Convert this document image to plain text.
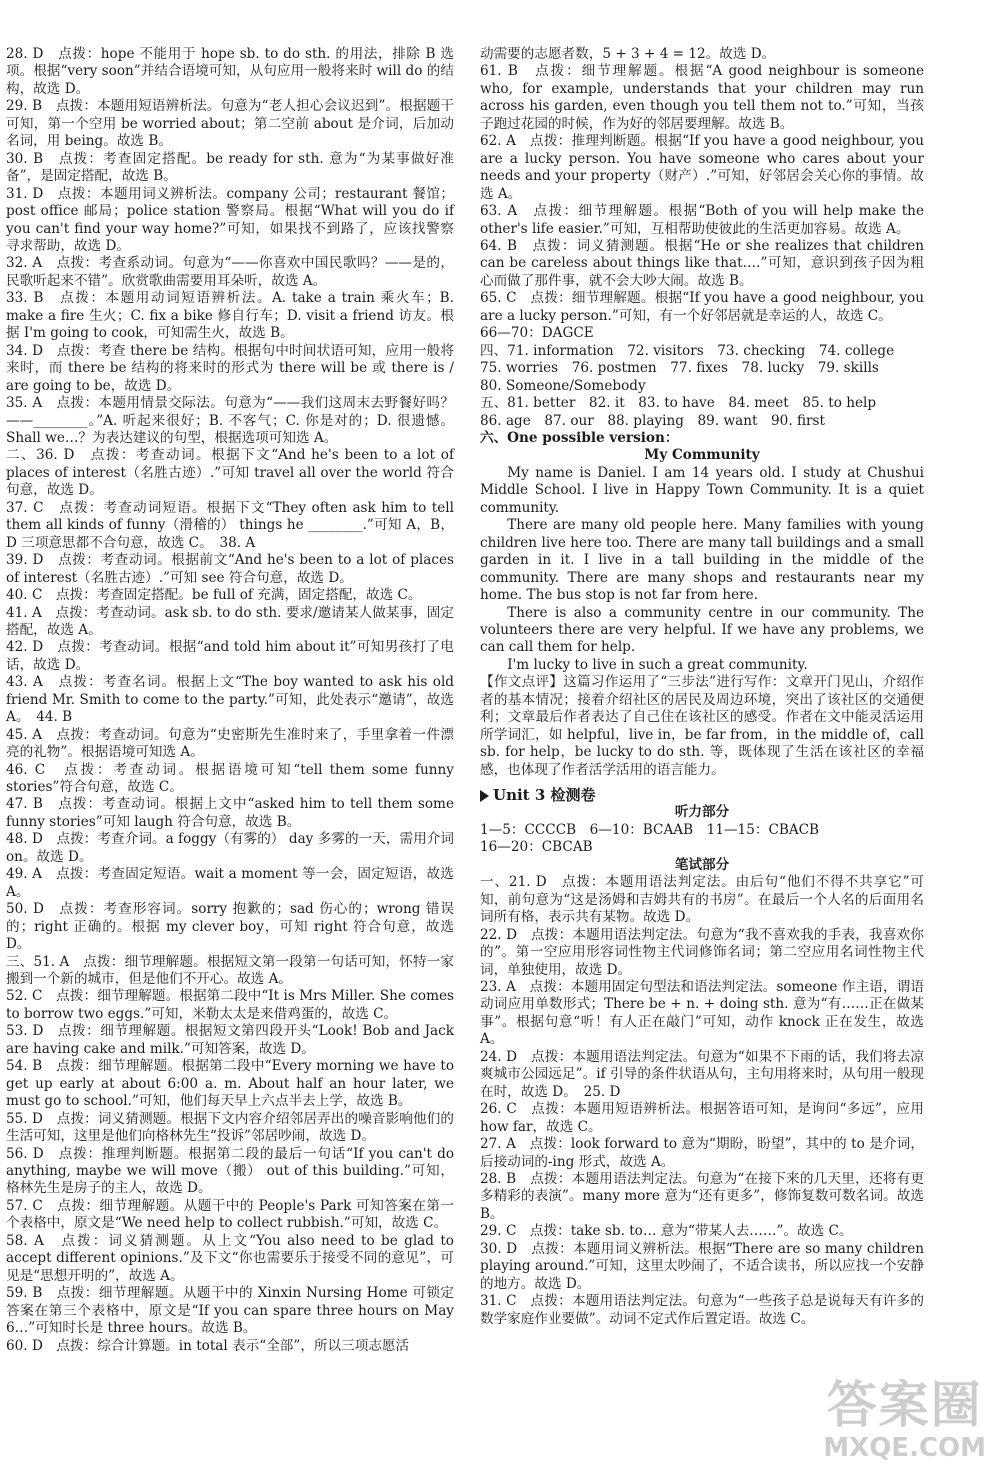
28. D　点拨：hope 不能用于 hope sb. to do sth. 的用法，排除 B 选项。根据“very soon”并结合语境可知，从句应用一般将来时 will do 的结构，故选 D。

29. B　点拨：本题用短语辨析法。句意为“老人担心会议迟到”。根据题干可知，第一个空用 be worried about；第二空前 about 是介词，后加动名词，用 being。故选 B。

30. B　点拨：考查固定搭配。be ready for sth. 意为“为某事做好准备”，是固定搭配，故选 B。

31. D　点拨：本题用词义辨析法。company 公司；restaurant 餐馆；post office 邮局；police station 警察局。根据“What will you do if you can't find your way home?”可知，如果找不到路了，应该找警察寻求帮助，故选 D。

32. A　点拨：考查系动词。句意为“——你喜欢中国民歌吗？——是的，民歌听起来不错”。欣赏歌曲需要用耳朵听，故选 A。

33. B　点拨：本题用动词短语辨析法。A. take a train 乘火车；B. make a fire 生火；C. fix a bike 修自行车；D. visit a friend 访友。根据 I'm going to cook，可知需生火，故选 B。

34. D　点拨：考查 there be 结构。根据句中时间状语可知，应用一般将来时，而 there be 结构的将来时的形式为 there will be 或 there is / are going to be，故选 D。

35. A　点拨：本题用情景交际法。句意为“——我们这周末去野餐好吗？——________。”A. 听起来很好；B. 不客气；C. 你是对的；D. 很遗憾。Shall we…？为表达建议的句型，根据选项可知选 A。

二、36. D　点拨：考查动词。根据下文“And he's been to a lot of places of interest（名胜古迹）.”可知 travel all over the world 符合句意，故选 D。

37. C　点拨：考查动词短语。根据下文“They often ask him to tell them all kinds of funny（滑稽的） things he ________.”可知 A，B，D 三项意思都不合句意，故选 C。　38. A

39. D　点拨：考查动词。根据前文“And he's been to a lot of places of interest（名胜古迹）.”可知 see 符合句意，故选 D。

40. C　点拨：考查固定搭配。be full of 充满，固定搭配，故选 C。

41. A　点拨：考查动词。ask sb. to do sth. 要求/邀请某人做某事，固定搭配，故选 A。

42. D　点拨：考查动词。根据“and told him about it”可知男孩打了电话，故选 D。

43. A　点拨：考查名词。根据上文“The boy wanted to ask his old friend Mr. Smith to come to the party.”可知，此处表示“邀请”，故选 A。　44. B

45. A　点拨：考查动词。句意为“史密斯先生准时来了，手里拿着一件漂亮的礼物”。根据语境可知选 A。

46. C　点拨：考查动词。根据语境可知“tell them some funny stories”符合句意，故选 C。

47. B　点拨：考查动词。根据上文中“asked him to tell them some funny stories”可知 laugh 符合句意，故选 B。

48. D　点拨：考查介词。a foggy（有雾的） day 多雾的一天，需用介词 on。故选 D。

49. A　点拨：考查固定短语。wait a moment 等一会，固定短语，故选 A。

50. D　点拨：考查形容词。sorry 抱歉的；sad 伤心的；wrong 错误的；right 正确的。根据 my clever boy，可知 right 符合句意，故选 D。

三、51. A　点拨：细节理解题。根据短文第一段第一句话可知，怀特一家搬到一个新的城市，但是他们不开心。故选 A。

52. C　点拨：细节理解题。根据第二段中“It is Mrs Miller. She comes to borrow two eggs.”可知，米勒太太是来借鸡蛋的，故选 C。

53. D　点拨：细节理解题。根据短文第四段开头“Look! Bob and Jack are having cake and milk.”可知答案，故选 D。

54. B　点拨：细节理解题。根据第二段中“Every morning we have to get up early at about 6:00 a. m. About half an hour later, we must go to school.”可知，他们每天早上六点半去上学，故选 B。

55. D　点拨：词义猜测题。根据下文内容介绍邻居弄出的噪音影响他们的生活可知，这里是他们向格林先生“投诉”邻居吵闹，故选 D。

56. D　点拨：推理判断题。根据第二段的最后一句话“If you can't do anything, maybe we will move（搬） out of this building.”可知，格林先生是房子的主人，故选 D。

57. C　点拨：细节理解题。从题干中的 People's Park 可知答案在第一个表格中，原文是“We need help to collect rubbish.”可知，故选 C。

58. A　点拨：词义猜测题。从上文“You also need to be glad to accept different opinions.”及下文“你也需要乐于接受不同的意见”，可见是“思想开明的”，故选 A。

59. B　点拨：细节理解题。从题干中的 Xinxin Nursing Home 可锁定答案在第三个表格中，原文是“If you can spare three hours on May 6…”可知时长是 three hours。故选 B。

60. D　点拨：综合计算题。in total 表示“全部”，所以三项志愿活

动需要的志愿者数，5 + 3 + 4 = 12。故选 D。

61. B　点拨：细节理解题。根据“A good neighbour is someone who, for example, understands that your children may run across his garden, even though you tell them not to.”可知，当孩子跑过花园的时候，作为好的邻居要理解。故选 B。

62. A　点拨：推理判断题。根据“If you have a good neighbour, you are a lucky person. You have someone who cares about your needs and your property（财产）.”可知，好邻居会关心你的事情。故选 A。

63. A　点拨：细节理解题。根据“Both of you will help make the other's life easier.”可知，互相帮助使彼此的生活更加容易。故选 A。

64. B　点拨：词义猜测题。根据“He or she realizes that children can be careless about things like that….”可知，意识到孩子因为粗心而做了那件事，就不会大吵大闹。故选 B。

65. C　点拨：细节理解题。根据“If you have a good neighbour, you are a lucky person.”可知，有一个好邻居就是幸运的人，故选 C。

66—70：DAGCE

四、71. information　72. visitors　73. checking　74. college

75. worries　76. postmen　77. fixes　78. lucky　79. skills

80. Someone/Somebody

五、81. better　82. it　83. to have　84. meet　85. to help

86. age　87. our　88. playing　89. want　90. first

六、One possible version：

My Community

My name is Daniel. I am 14 years old. I study at Chushui Middle School. I live in Happy Town Community. It is a quiet community.

There are many old people here. Many families with young children live here too. There are many tall buildings and a small garden in it. I live in a tall building in the middle of the community. There are many shops and restaurants near my home. The bus stop is not far from here.

There is also a community centre in our community. The volunteers there are very helpful. If we have any problems, we can call them for help.

I'm lucky to live in such a great community.

【作文点评】这篇习作运用了“三步法”进行写作：文章开门见山，介绍作者的基本情况；接着介绍社区的居民及周边环境，突出了该社区的交通便利；文章最后作者表达了自己住在该社区的感受。作者在文中能灵活运用所学词汇，如 helpful，live in，be far from，in the middle of，call sb. for help，be lucky to do sth. 等，既体现了生活在该社区的幸福感，也体现了作者活学活用的语言能力。

Unit 3 检测卷

听力部分

1—5：CCCCB　6—10：BCAAB　11—15：CBACB

16—20：CBCAB

笔试部分

一、21. D　点拨：本题用语法判定法。由后句“他们不得不共享它”可知，前句意为“这是汤姆和吉姆共有的书房”。在最后一个人名的后面用名词所有格，表示共有某物。故选 D。

22. D　点拨：本题用语法判定法。句意为“我不喜欢我的手表，我喜欢你的”。第一空应用形容词性物主代词修饰名词；第二空应用名词性物主代词，单独使用，故选 D。

23. A　点拨：本题用固定句型法和语法判定法。someone 作主语，谓语动词应用单数形式；There be + n. + doing sth. 意为“有……正在做某事”。根据句意“听！有人正在敲门”可知，动作 knock 正在发生，故选 A。

24. D　点拨：本题用语法判定法。句意为“如果不下雨的话，我们将去凉爽城市公园远足”。if 引导的条件状语从句，主句用将来时，从句用一般现在时，故选 D。　25. D

26. C　点拨：本题用短语辨析法。根据答语可知，是询问“多远”，应用 how far，故选 C。

27. A　点拨：look forward to 意为“期盼，盼望”，其中的 to 是介词，后接动词的-ing 形式，故选 A。

28. B　点拨：本题用语法判定法。句意为“在接下来的几天里，还将有更多精彩的表演”。many more 意为“还有更多”，修饰复数可数名词。故选 B。

29. C　点拨：take sb. to… 意为“带某人去……”。故选 C。

30. D　点拨：本题用词义辨析法。根据“There are so many children playing around.”可知，这里太吵闹了，不适合读书，所以应找一个安静的地方。故选 D。

31. C　点拨：本题用语法判定法。句意为“一些孩子总是说每天有许多的数学家庭作业要做”。动词不定式作后置定语。故选 C。

答案圈
MXQE.COM
